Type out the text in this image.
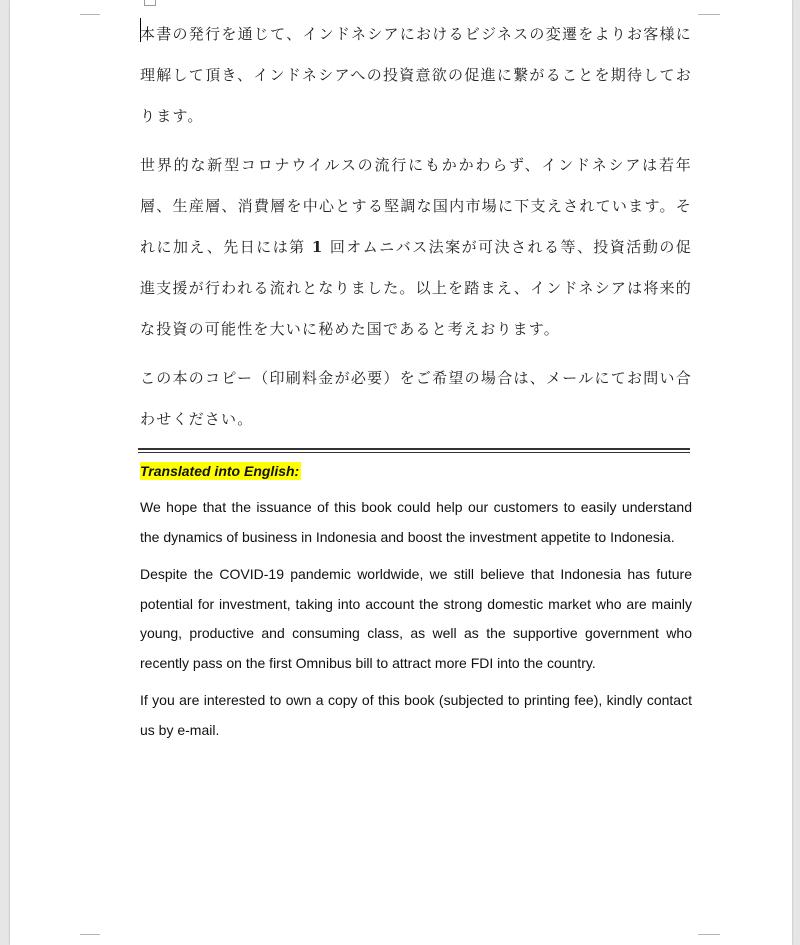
本書の発行を通じて、インドネシアにおけるビジネスの変遷をよりお客様に理解して頂き、インドネシアへの投資意欲の促進に繋がることを期待しております。

世界的な新型コロナウイルスの流行にもかかわらず、インドネシアは若年層、生産層、消費層を中心とする堅調な国内市場に下支えされています。それに加え、先日には第 1 回オムニバス法案が可決される等、投資活動の促進支援が行われる流れとなりました。以上を踏まえ、インドネシアは将来的な投資の可能性を大いに秘めた国であると考えおります。

この本のコピー（印刷料金が必要）をご希望の場合は、メールにてお問い合わせください。

Translated into English:

We hope that the issuance of this book could help our customers to easily understand the dynamics of business in Indonesia and boost the investment appetite to Indonesia.

Despite the COVID-19 pandemic worldwide, we still believe that Indonesia has future potential for investment, taking into account the strong domestic market who are mainly young, productive and consuming class, as well as the supportive government who recently pass on the first Omnibus bill to attract more FDI into the country.

If you are interested to own a copy of this book (subjected to printing fee), kindly contact us by e-mail.
